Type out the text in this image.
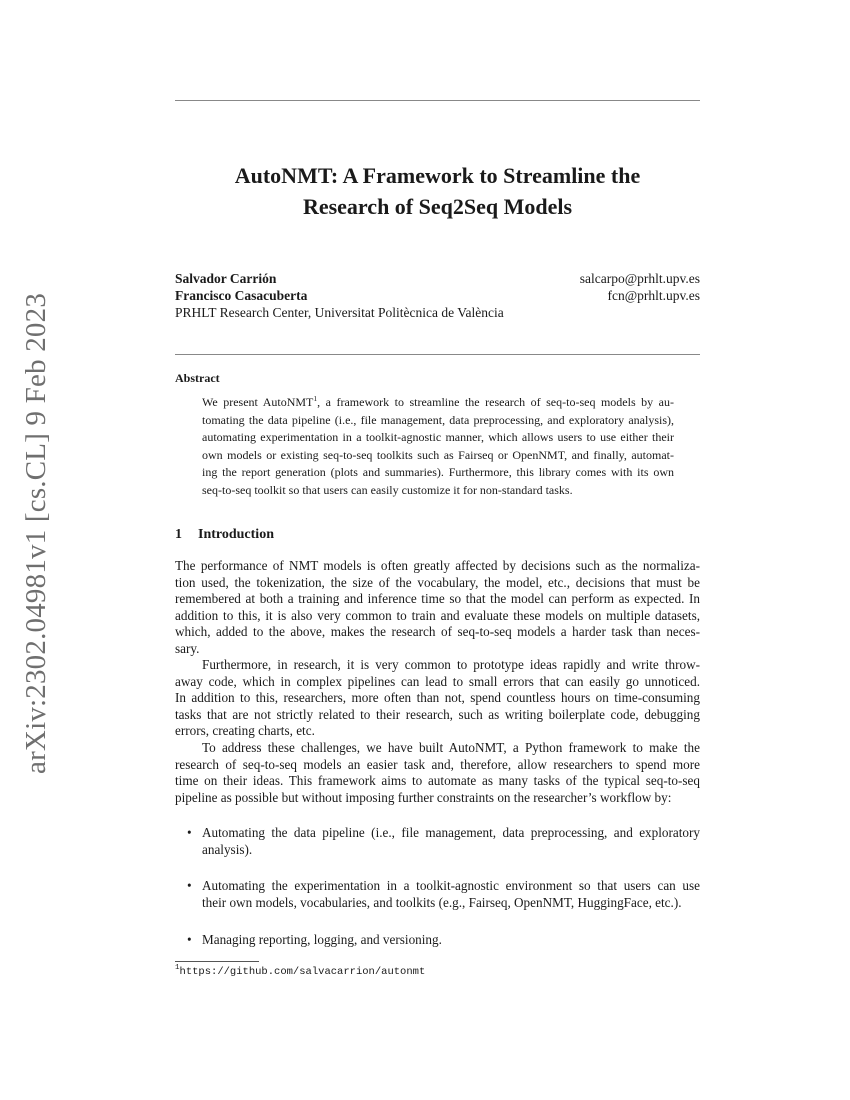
arXiv:2302.04981v1 [cs.CL] 9 Feb 2023
AutoNMT: A Framework to Streamline the
Research of Seq2Seq Models
Salvador Carrión	salcarpo@prhlt.upv.es
Francisco Casacuberta	fcn@prhlt.upv.es
PRHLT Research Center, Universitat Politècnica de València
Abstract
We present AutoNMT$^1$, a framework to streamline the research of seq-to-seq models by au-
tomating the data pipeline (i.e., file management, data preprocessing, and exploratory analysis),
automating experimentation in a toolkit-agnostic manner, which allows users to use either their
own models or existing seq-to-seq toolkits such as Fairseq or OpenNMT, and finally, automat-
ing the report generation (plots and summaries). Furthermore, this library comes with its own
seq-to-seq toolkit so that users can easily customize it for non-standard tasks.
1 Introduction
The performance of NMT models is often greatly affected by decisions such as the normaliza-
tion used, the tokenization, the size of the vocabulary, the model, etc., decisions that must be
remembered at both a training and inference time so that the model can perform as expected. In
addition to this, it is also very common to train and evaluate these models on multiple datasets,
which, added to the above, makes the research of seq-to-seq models a harder task than neces-
sary.
Furthermore, in research, it is very common to prototype ideas rapidly and write throw-
away code, which in complex pipelines can lead to small errors that can easily go unnoticed.
In addition to this, researchers, more often than not, spend countless hours on time-consuming
tasks that are not strictly related to their research, such as writing boilerplate code, debugging
errors, creating charts, etc.
To address these challenges, we have built AutoNMT, a Python framework to make the
research of seq-to-seq models an easier task and, therefore, allow researchers to spend more
time on their ideas. This framework aims to automate as many tasks of the typical seq-to-seq
pipeline as possible but without imposing further constraints on the researcher’s workflow by:
• Automating the data pipeline (i.e., file management, data preprocessing, and exploratory
analysis).
• Automating the experimentation in a toolkit-agnostic environment so that users can use
their own models, vocabularies, and toolkits (e.g., Fairseq, OpenNMT, HuggingFace, etc.).
• Managing reporting, logging, and versioning.
$^1$https://github.com/salvacarrion/autonmt
